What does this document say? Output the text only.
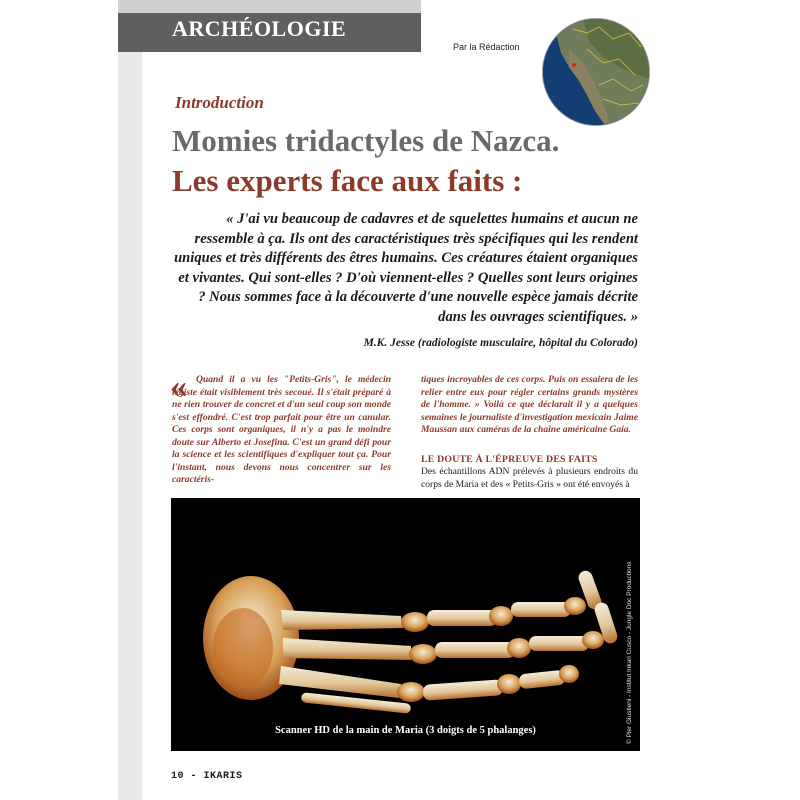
ARCHÉOLOGIE
Par la Rédaction
Introduction
Momies tridactyles de Nazca.
Les experts face aux faits :
« J'ai vu beaucoup de cadavres et de squelettes humains et aucun ne ressemble à ça. Ils ont des caractéristiques très spécifiques qui les rendent uniques et très différents des êtres humains. Ces créatures étaient organiques et vivantes. Qui sont-elles ? D'où viennent-elles ? Quelles sont leurs origines ? Nous sommes face à la découverte d'une nouvelle espèce jamais décrite dans les ouvrages scientifiques. »
M.K. Jesse (radiologiste musculaire, hôpital du Colorado)
« Quand il a vu les "Petits-Gris", le médecin légiste était visiblement très secoué. Il s'était préparé à ne rien trouver de concret et d'un seul coup son monde s'est effondré. C'est trop parfait pour être un canular. Ces corps sont organiques, il n'y a pas le moindre doute sur Alberto et Josefina. C'est un grand défi pour la science et les scientifiques d'expliquer tout ça. Pour l'instant, nous devons nous concentrer sur les caractéris-
tiques incroyables de ces corps. Puis on essaiera de les relier entre eux pour régler certains grands mystères de l'homme. » Voilà ce que déclarait il y a quelques semaines le journaliste d'investigation mexicain Jaime Maussan aux caméras de la chaîne américaine Gaia.
LE DOUTE À L'ÉPREUVE DES FAITS
Des échantillons ADN prélevés à plusieurs endroits du corps de Maria et des « Petits-Gris » ont été envoyés à
Scanner HD de la main de Maria (3 doigts de 5 phalanges)	© Pier Giustieni - Institut Inkari Cusco - Jungle Doc Productions
10 - IKARIS
